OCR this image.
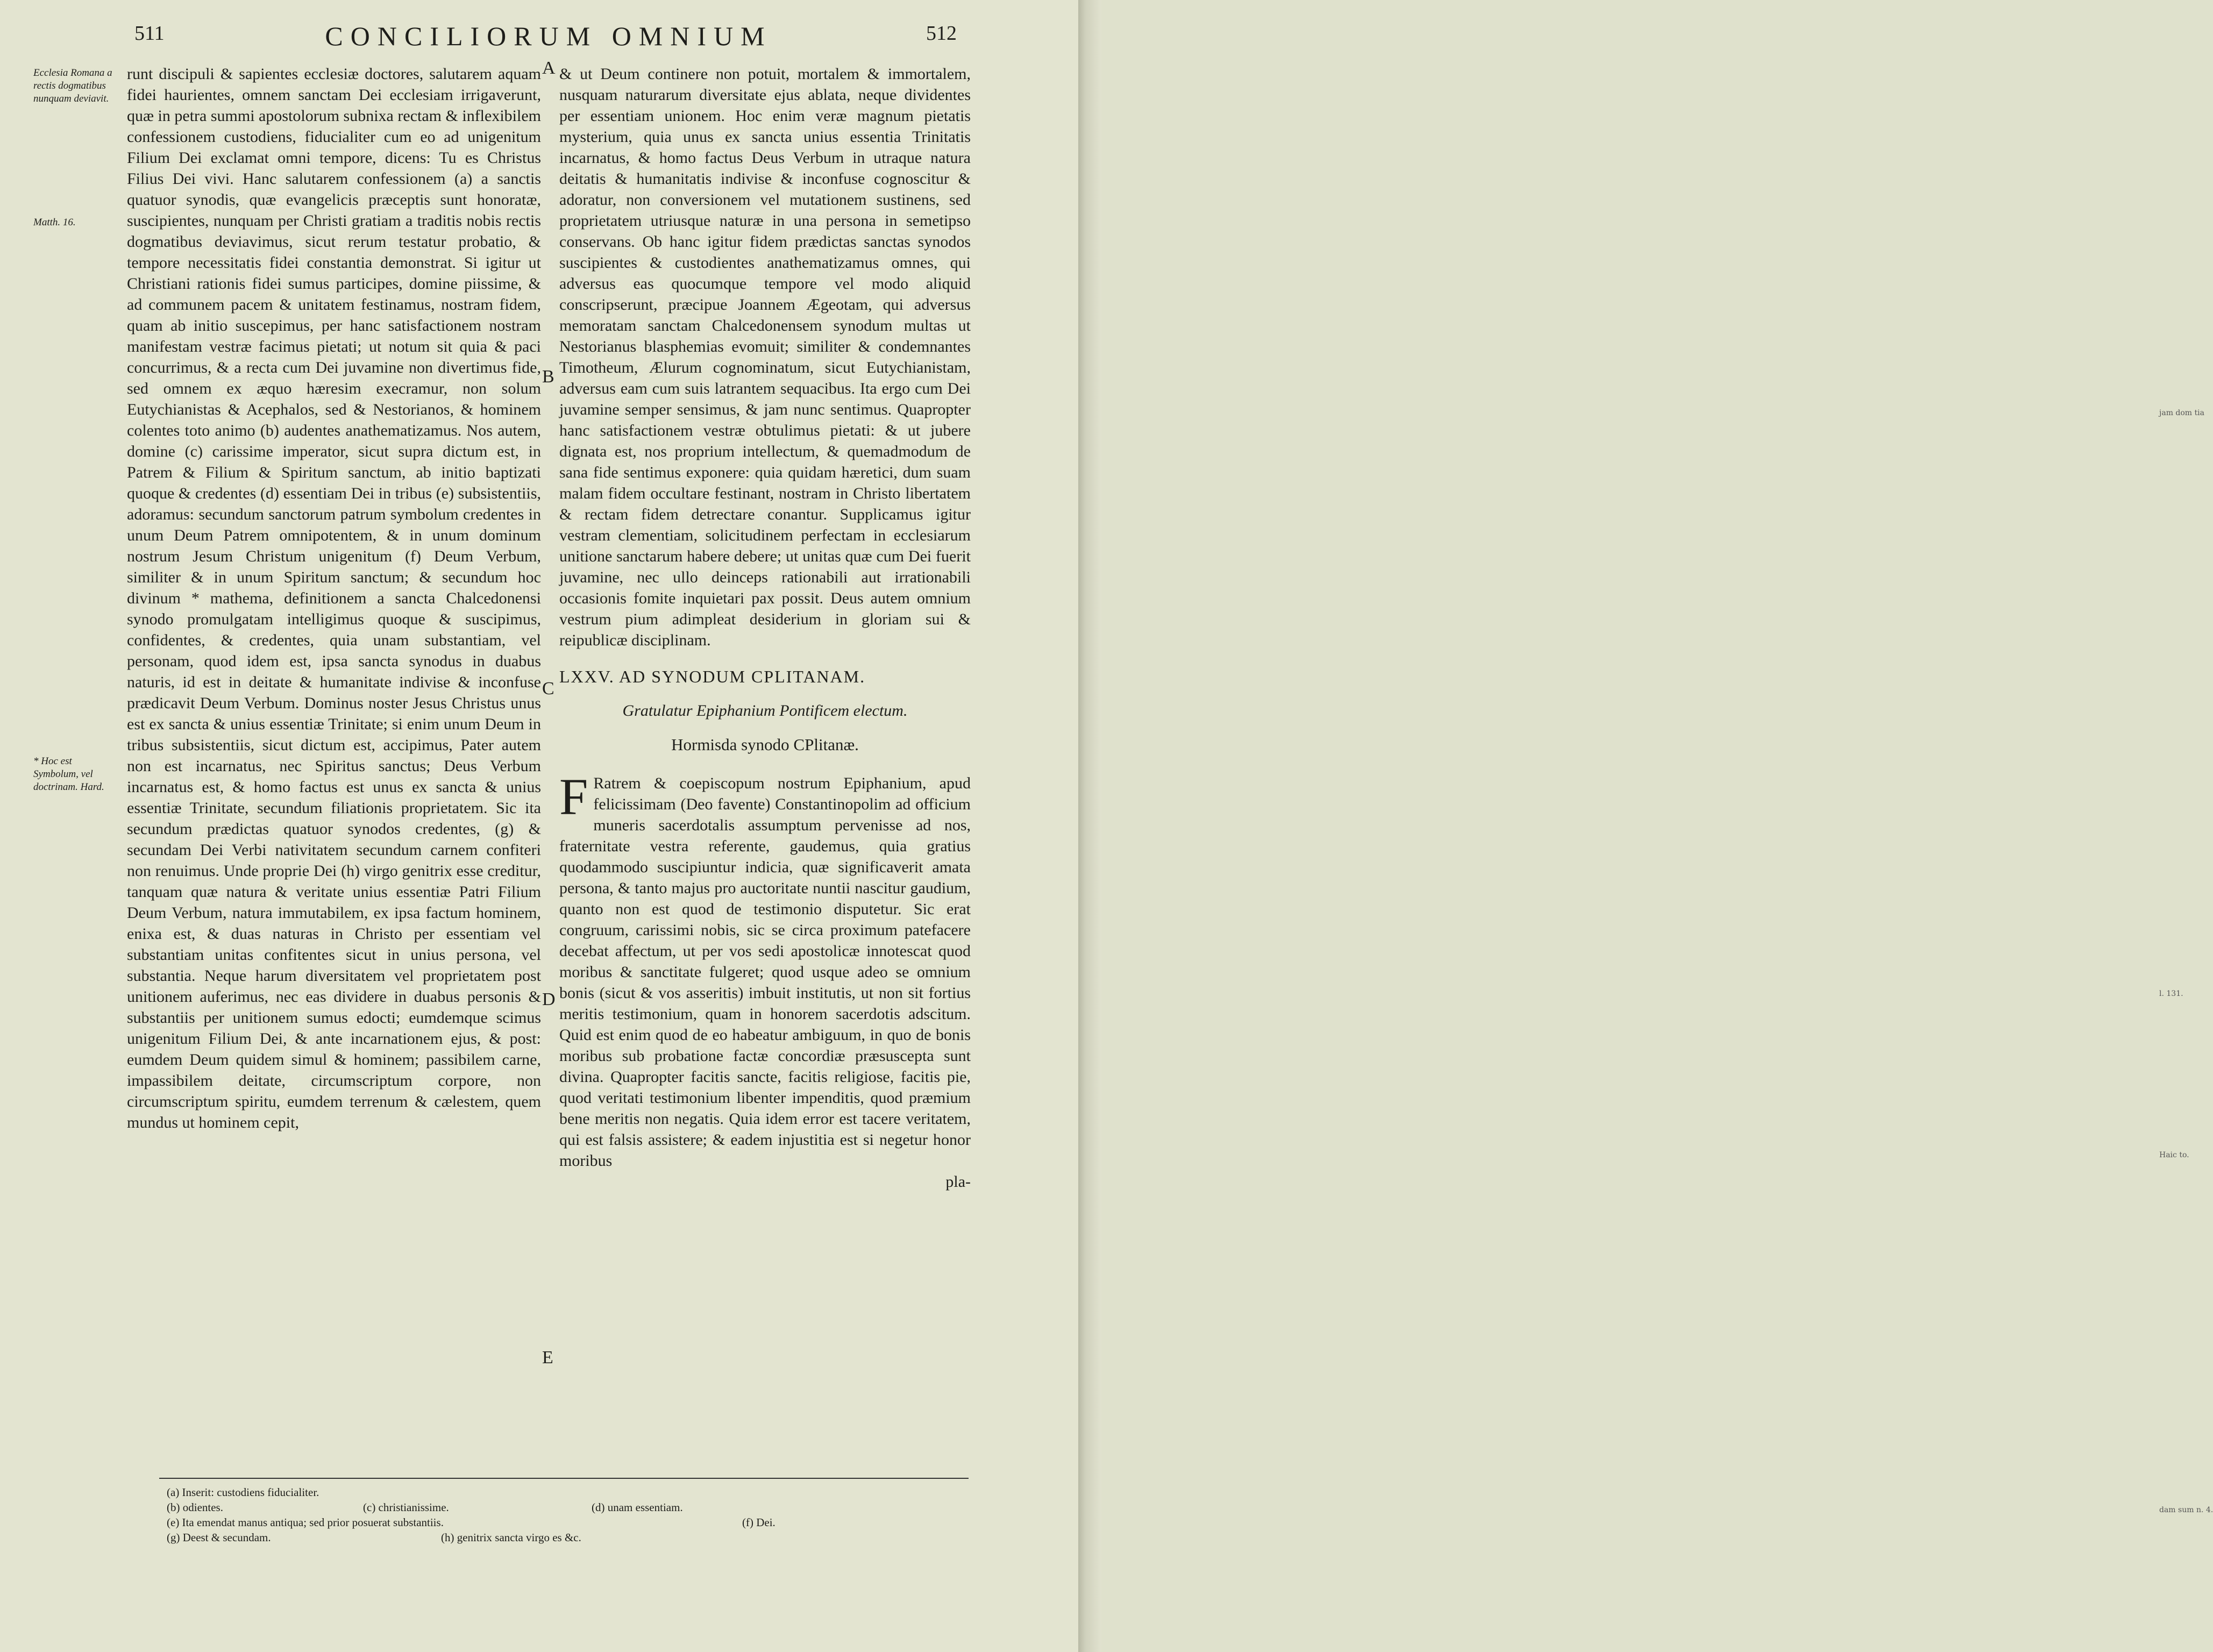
jam dom tia
l. 131.
Haic to.
dam sum n. 4.
511	CONCILIORUM OMNIUM	512
Ecclesia Romana a rectis dogmatibus nunquam deviavit.
Matth. 16.
* Hoc est Symbolum, vel doctrinam. Hard.
A
B
C
D
E

runt discipuli & sapientes ecclesiæ doctores, salutarem aquam fidei haurientes, omnem sanctam Dei ecclesiam irrigaverunt, quæ in petra summi apostolorum subnixa rectam & inflexibilem confessionem custodiens, fiducialiter cum eo ad unigenitum Filium Dei exclamat omni tempore, dicens: Tu es Christus Filius Dei vivi. Hanc salutarem confessionem (a) a sanctis quatuor synodis, quæ evangelicis præceptis sunt honoratæ, suscipientes, nunquam per Christi gratiam a traditis nobis rectis dogmatibus deviavimus, sicut rerum testatur probatio, & tempore necessitatis fidei constantia demonstrat. Si igitur ut Christiani rationis fidei sumus participes, domine piissime, & ad communem pacem & unitatem festinamus, nostram fidem, quam ab initio suscepimus, per hanc satisfactionem nostram manifestam vestræ facimus pietati; ut notum sit quia & paci concurrimus, & a recta cum Dei juvamine non divertimus fide, sed omnem ex æquo hæresim execramur, non solum Eutychianistas & Acephalos, sed & Nestorianos, & hominem colentes toto animo (b) audentes anathematizamus. Nos autem, domine (c) carissime imperator, sicut supra dictum est, in Patrem & Filium & Spiritum sanctum, ab initio baptizati quoque & credentes (d) essentiam Dei in tribus (e) subsistentiis, adoramus: secundum sanctorum patrum symbolum credentes in unum Deum Patrem omnipotentem, & in unum dominum nostrum Jesum Christum unigenitum (f) Deum Verbum, similiter & in unum Spiritum sanctum; & secundum hoc divinum * mathema, definitionem a sancta Chalcedonensi synodo promulgatam intelligimus quoque & suscipimus, confidentes, & credentes, quia unam substantiam, vel personam, quod idem est, ipsa sancta synodus in duabus naturis, id est in deitate & humanitate indivise & inconfuse prædicavit Deum Verbum. Dominus noster Jesus Christus unus est ex sancta & unius essentiæ Trinitate; si enim unum Deum in tribus subsistentiis, sicut dictum est, accipimus, Pater autem non est incarnatus, nec Spiritus sanctus; Deus Verbum incarnatus est, & homo factus est unus ex sancta & unius essentiæ Trinitate, secundum filiationis proprietatem. Sic ita secundum prædictas quatuor synodos credentes, (g) & secundam Dei Verbi nativitatem secundum carnem confiteri non renuimus. Unde proprie Dei (h) virgo genitrix esse creditur, tanquam quæ natura & veritate unius essentiæ Patri Filium Deum Verbum, natura immutabilem, ex ipsa factum hominem, enixa est, & duas naturas in Christo per essentiam vel substantiam unitas confitentes sicut in unius persona, vel substantia. Neque harum diversitatem vel proprietatem post unitionem auferimus, nec eas dividere in duabus personis & substantiis per unitionem sumus edocti; eumdemque scimus unigenitum Filium Dei, & ante incarnationem ejus, & post: eumdem Deum quidem simul & hominem; passibilem carne, impassibilem deitate, circumscriptum corpore, non circumscriptum spiritu, eumdem terrenum & cælestem, quem mundus ut hominem cepit,

& ut Deum continere non potuit, mortalem & immortalem, nusquam naturarum diversitate ejus ablata, neque dividentes per essentiam unionem. Hoc enim veræ magnum pietatis mysterium, quia unus ex sancta unius essentia Trinitatis incarnatus, & homo factus Deus Verbum in utraque natura deitatis & humanitatis indivise & inconfuse cognoscitur & adoratur, non conversionem vel mutationem sustinens, sed proprietatem utriusque naturæ in una persona in semetipso conservans. Ob hanc igitur fidem prædictas sanctas synodos suscipientes & custodientes anathematizamus omnes, qui adversus eas quocumque tempore vel modo aliquid conscripserunt, præcipue Joannem Ægeotam, qui adversus memoratam sanctam Chalcedonensem synodum multas ut Nestorianus blasphemias evomuit; similiter & condemnantes Timotheum, Ælurum cognominatum, sicut Eutychianistam, adversus eam cum suis latrantem sequacibus. Ita ergo cum Dei juvamine semper sensimus, & jam nunc sentimus. Quapropter hanc satisfactionem vestræ obtulimus pietati: & ut jubere dignata est, nos proprium intellectum, & quemadmodum de sana fide sentimus exponere: quia quidam hæretici, dum suam malam fidem occultare festinant, nostram in Christo libertatem & rectam fidem detrectare conantur. Supplicamus igitur vestram clementiam, solicitudinem perfectam in ecclesiarum unitione sanctarum habere debere; ut unitas quæ cum Dei fuerit juvamine, nec ullo deinceps rationabili aut irrationabili occasionis fomite inquietari pax possit. Deus autem omnium vestrum pium adimpleat desiderium in gloriam sui & reipublicæ disciplinam.

LXXV. AD SYNODUM CPLITANAM.

Gratulatur Epiphanium Pontificem electum.

Hormisda synodo CPlitanæ.

F Ratrem & coepiscopum nostrum Epiphanium, apud felicissimam (Deo favente) Constantinopolim ad officium muneris sacerdotalis assumptum pervenisse ad nos, fraternitate vestra referente, gaudemus, quia gratius quodammodo suscipiuntur indicia, quæ significaverit amata persona, & tanto majus pro auctoritate nuntii nascitur gaudium, quanto non est quod de testimonio disputetur. Sic erat congruum, carissimi nobis, sic se circa proximum patefacere decebat affectum, ut per vos sedi apostolicæ innotescat quod moribus & sanctitate fulgeret; quod usque adeo se omnium bonis (sicut & vos asseritis) imbuit institutis, ut non sit fortius meritis testimonium, quam in honorem sacerdotis adscitum. Quid est enim quod de eo habeatur ambiguum, in quo de bonis moribus sub probatione factæ concordiæ præsuscepta sunt divina. Quapropter facitis sancte, facitis religiose, facitis pie, quod veritati testimonium libenter impenditis, quod præmium bene meritis non negatis. Quia idem error est tacere veritatem, qui est falsis assistere; & eadem injustitia est si negetur honor moribus

pla-

(a) Inserit: custodiens fiducialiter.
(b) odientes.	(c) christianissime.	(d) unam essentiam.
(e) Ita emendat manus antiqua; sed prior posuerat substantiis.	(f) Dei.
(g) Deest & secundam.	(h) genitrix sancta virgo es &c.
